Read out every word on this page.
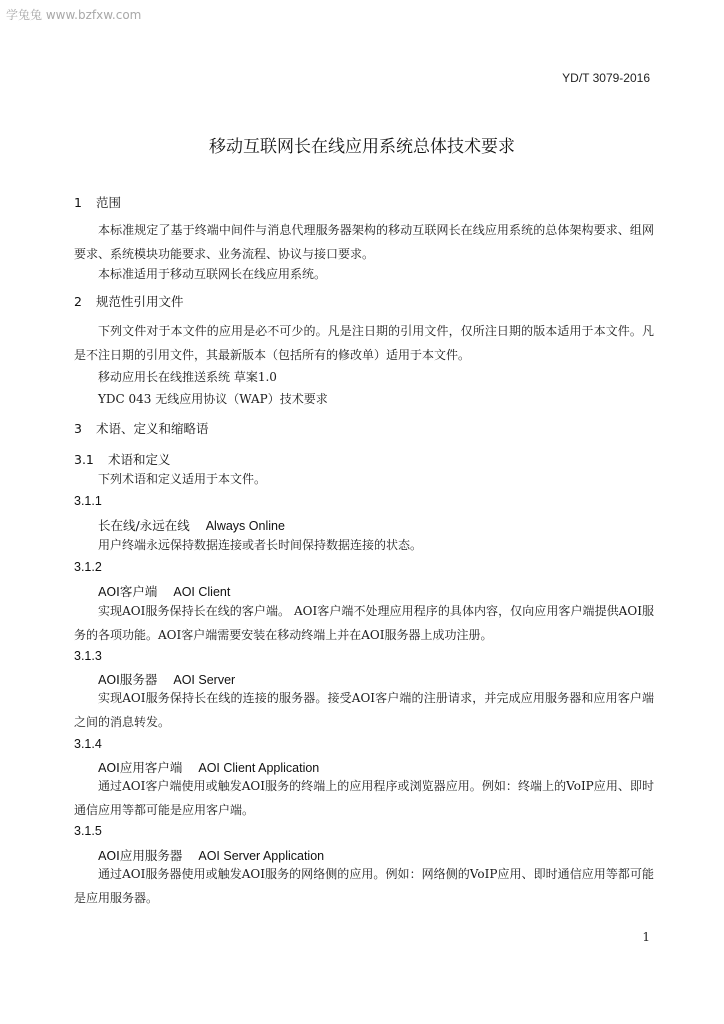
学兔兔 www.bzfxw.com
YD/T 3079-2016
移动互联网长在线应用系统总体技术要求
1 范围

本标准规定了基于终端中间件与消息代理服务器架构的移动互联网长在线应用系统的总体架构要求、组网要求、系统模块功能要求、业务流程、协议与接口要求。

本标准适用于移动互联网长在线应用系统。

2 规范性引用文件

下列文件对于本文件的应用是必不可少的。凡是注日期的引用文件，仅所注日期的版本适用于本文件。凡是不注日期的引用文件，其最新版本（包括所有的修改单）适用于本文件。

移动应用长在线推送系统 草案1.0
YDC 043 无线应用协议（WAP）技术要求
3 术语、定义和缩略语
3.1 术语和定义

下列术语和定义适用于本文件。

3.1.1
长在线/永远在线 Always Online

用户终端永远保持数据连接或者长时间保持数据连接的状态。

3.1.2
AOI客户端 AOI Client

实现AOI服务保持长在线的客户端。 AOI客户端不处理应用程序的具体内容，仅向应用客户端提供AOI服务的各项功能。AOI客户端需要安装在移动终端上并在AOI服务器上成功注册。

3.1.3
AOI服务器 AOI Server

实现AOI服务保持长在线的连接的服务器。接受AOI客户端的注册请求，并完成应用服务器和应用客户端之间的消息转发。

3.1.4
AOI应用客户端 AOI Client Application

通过AOI客户端使用或触发AOI服务的终端上的应用程序或浏览器应用。例如：终端上的VoIP应用、即时通信应用等都可能是应用客户端。

3.1.5
AOI应用服务器 AOI Server Application

通过AOI服务器使用或触发AOI服务的网络侧的应用。例如：网络侧的VoIP应用、即时通信应用等都可能是应用服务器。

1
